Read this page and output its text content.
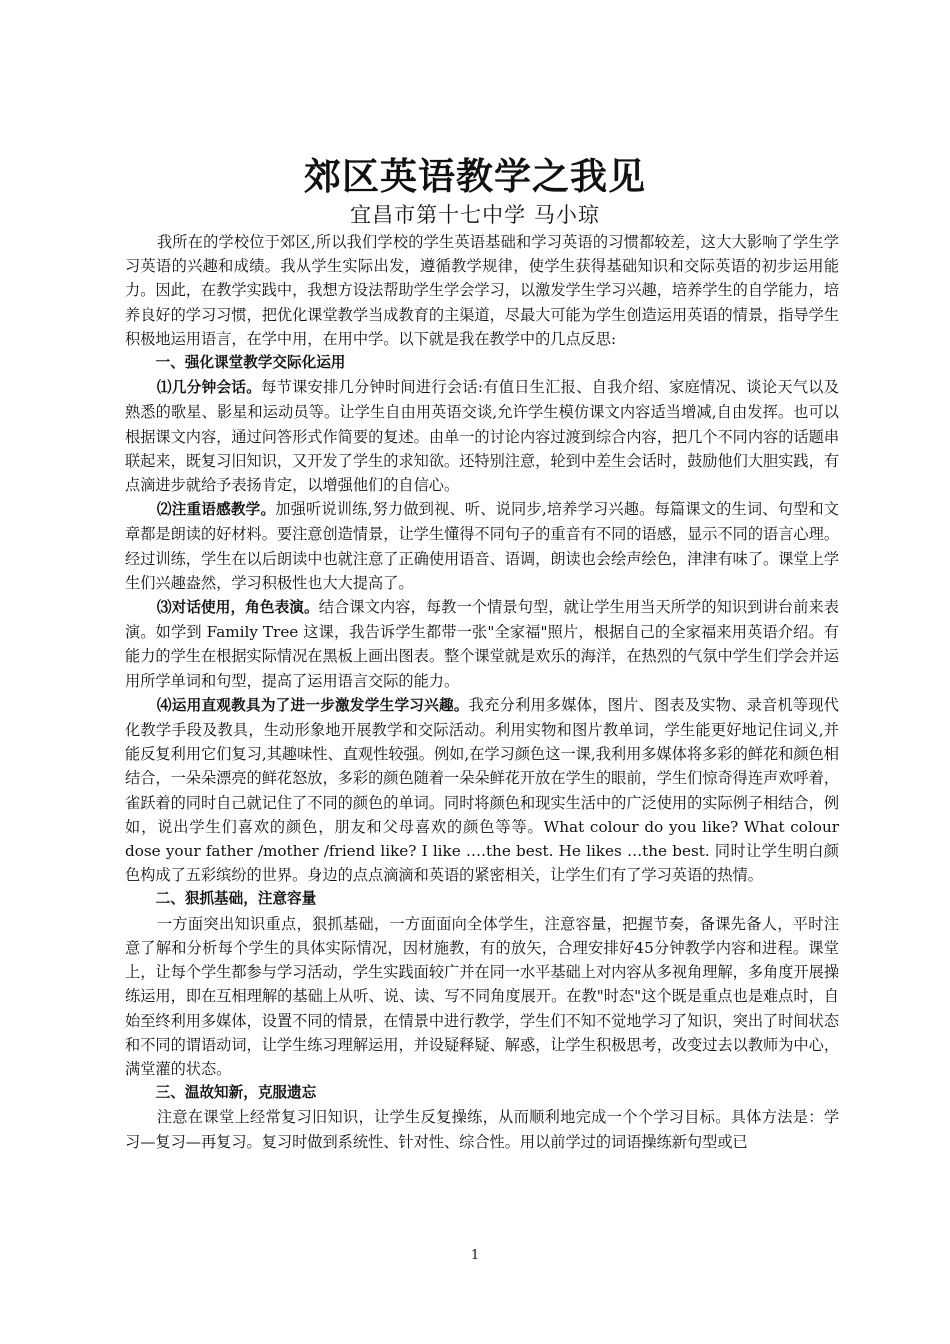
郊区英语教学之我见
宜昌市第十七中学 马小琼

我所在的学校位于郊区,所以我们学校的学生英语基础和学习英语的习惯都较差，这大大影响了学生学习英语的兴趣和成绩。我从学生实际出发，遵循教学规律，使学生获得基础知识和交际英语的初步运用能力。因此，在教学实践中，我想方设法帮助学生学会学习，以激发学生学习兴趣，培养学生的自学能力，培养良好的学习习惯，把优化课堂教学当成教育的主渠道，尽最大可能为学生创造运用英语的情景，指导学生积极地运用语言，在学中用，在用中学。以下就是我在教学中的几点反思:

一、强化课堂教学交际化运用

⑴几分钟会话。每节课安排几分钟时间进行会话:有值日生汇报、自我介绍、家庭情况、谈论天气以及熟悉的歌星、影星和运动员等。让学生自由用英语交谈,允许学生模仿课文内容适当增减,自由发挥。也可以根据课文内容，通过问答形式作简要的复述。由单一的讨论内容过渡到综合内容，把几个不同内容的话题串联起来，既复习旧知识，又开发了学生的求知欲。还特别注意，轮到中差生会话时，鼓励他们大胆实践，有点滴进步就给予表扬肯定，以增强他们的自信心。

⑵注重语感教学。加强听说训练,努力做到视、听、说同步,培养学习兴趣。每篇课文的生词、句型和文章都是朗读的好材料。要注意创造情景，让学生懂得不同句子的重音有不同的语感，显示不同的语言心理。经过训练，学生在以后朗读中也就注意了正确使用语音、语调，朗读也会绘声绘色，津津有味了。课堂上学生们兴趣盎然，学习积极性也大大提高了。

⑶对话使用，角色表演。结合课文内容，每教一个情景句型，就让学生用当天所学的知识到讲台前来表演。如学到 Family Tree 这课，我告诉学生都带一张"全家福"照片，根据自己的全家福来用英语介绍。有能力的学生在根据实际情况在黑板上画出图表。整个课堂就是欢乐的海洋，在热烈的气氛中学生们学会并运用所学单词和句型，提高了运用语言交际的能力。

⑷运用直观教具为了进一步激发学生学习兴趣。我充分利用多媒体，图片、图表及实物、录音机等现代化教学手段及教具，生动形象地开展教学和交际活动。利用实物和图片教单词，学生能更好地记住词义,并能反复利用它们复习,其趣味性、直观性较强。例如,在学习颜色这一课,我利用多媒体将多彩的鲜花和颜色相结合，一朵朵漂亮的鲜花怒放，多彩的颜色随着一朵朵鲜花开放在学生的眼前，学生们惊奇得连声欢呼着，雀跃着的同时自己就记住了不同的颜色的单词。同时将颜色和现实生活中的广泛使用的实际例子相结合，例如，说出学生们喜欢的颜色，朋友和父母喜欢的颜色等等。What colour do you like? What colour dose your father /mother /friend like? I like ….the best. He likes …the best. 同时让学生明白颜色构成了五彩缤纷的世界。身边的点点滴滴和英语的紧密相关，让学生们有了学习英语的热情。

二、狠抓基础，注意容量

一方面突出知识重点，狠抓基础，一方面面向全体学生，注意容量，把握节奏，备课先备人，平时注意了解和分析每个学生的具体实际情况，因材施教，有的放矢，合理安排好45分钟教学内容和进程。课堂上，让每个学生都参与学习活动，学生实践面较广并在同一水平基础上对内容从多视角理解，多角度开展操练运用，即在互相理解的基础上从听、说、读、写不同角度展开。在教"时态"这个既是重点也是难点时，自始至终利用多媒体，设置不同的情景，在情景中进行教学，学生们不知不觉地学习了知识，突出了时间状态和不同的谓语动词，让学生练习理解运用，并设疑释疑、解惑，让学生积极思考，改变过去以教师为中心，满堂灌的状态。

三、温故知新，克服遗忘

注意在课堂上经常复习旧知识，让学生反复操练，从而顺利地完成一个个学习目标。具体方法是：学习—复习—再复习。复习时做到系统性、针对性、综合性。用以前学过的词语操练新句型或已

1
